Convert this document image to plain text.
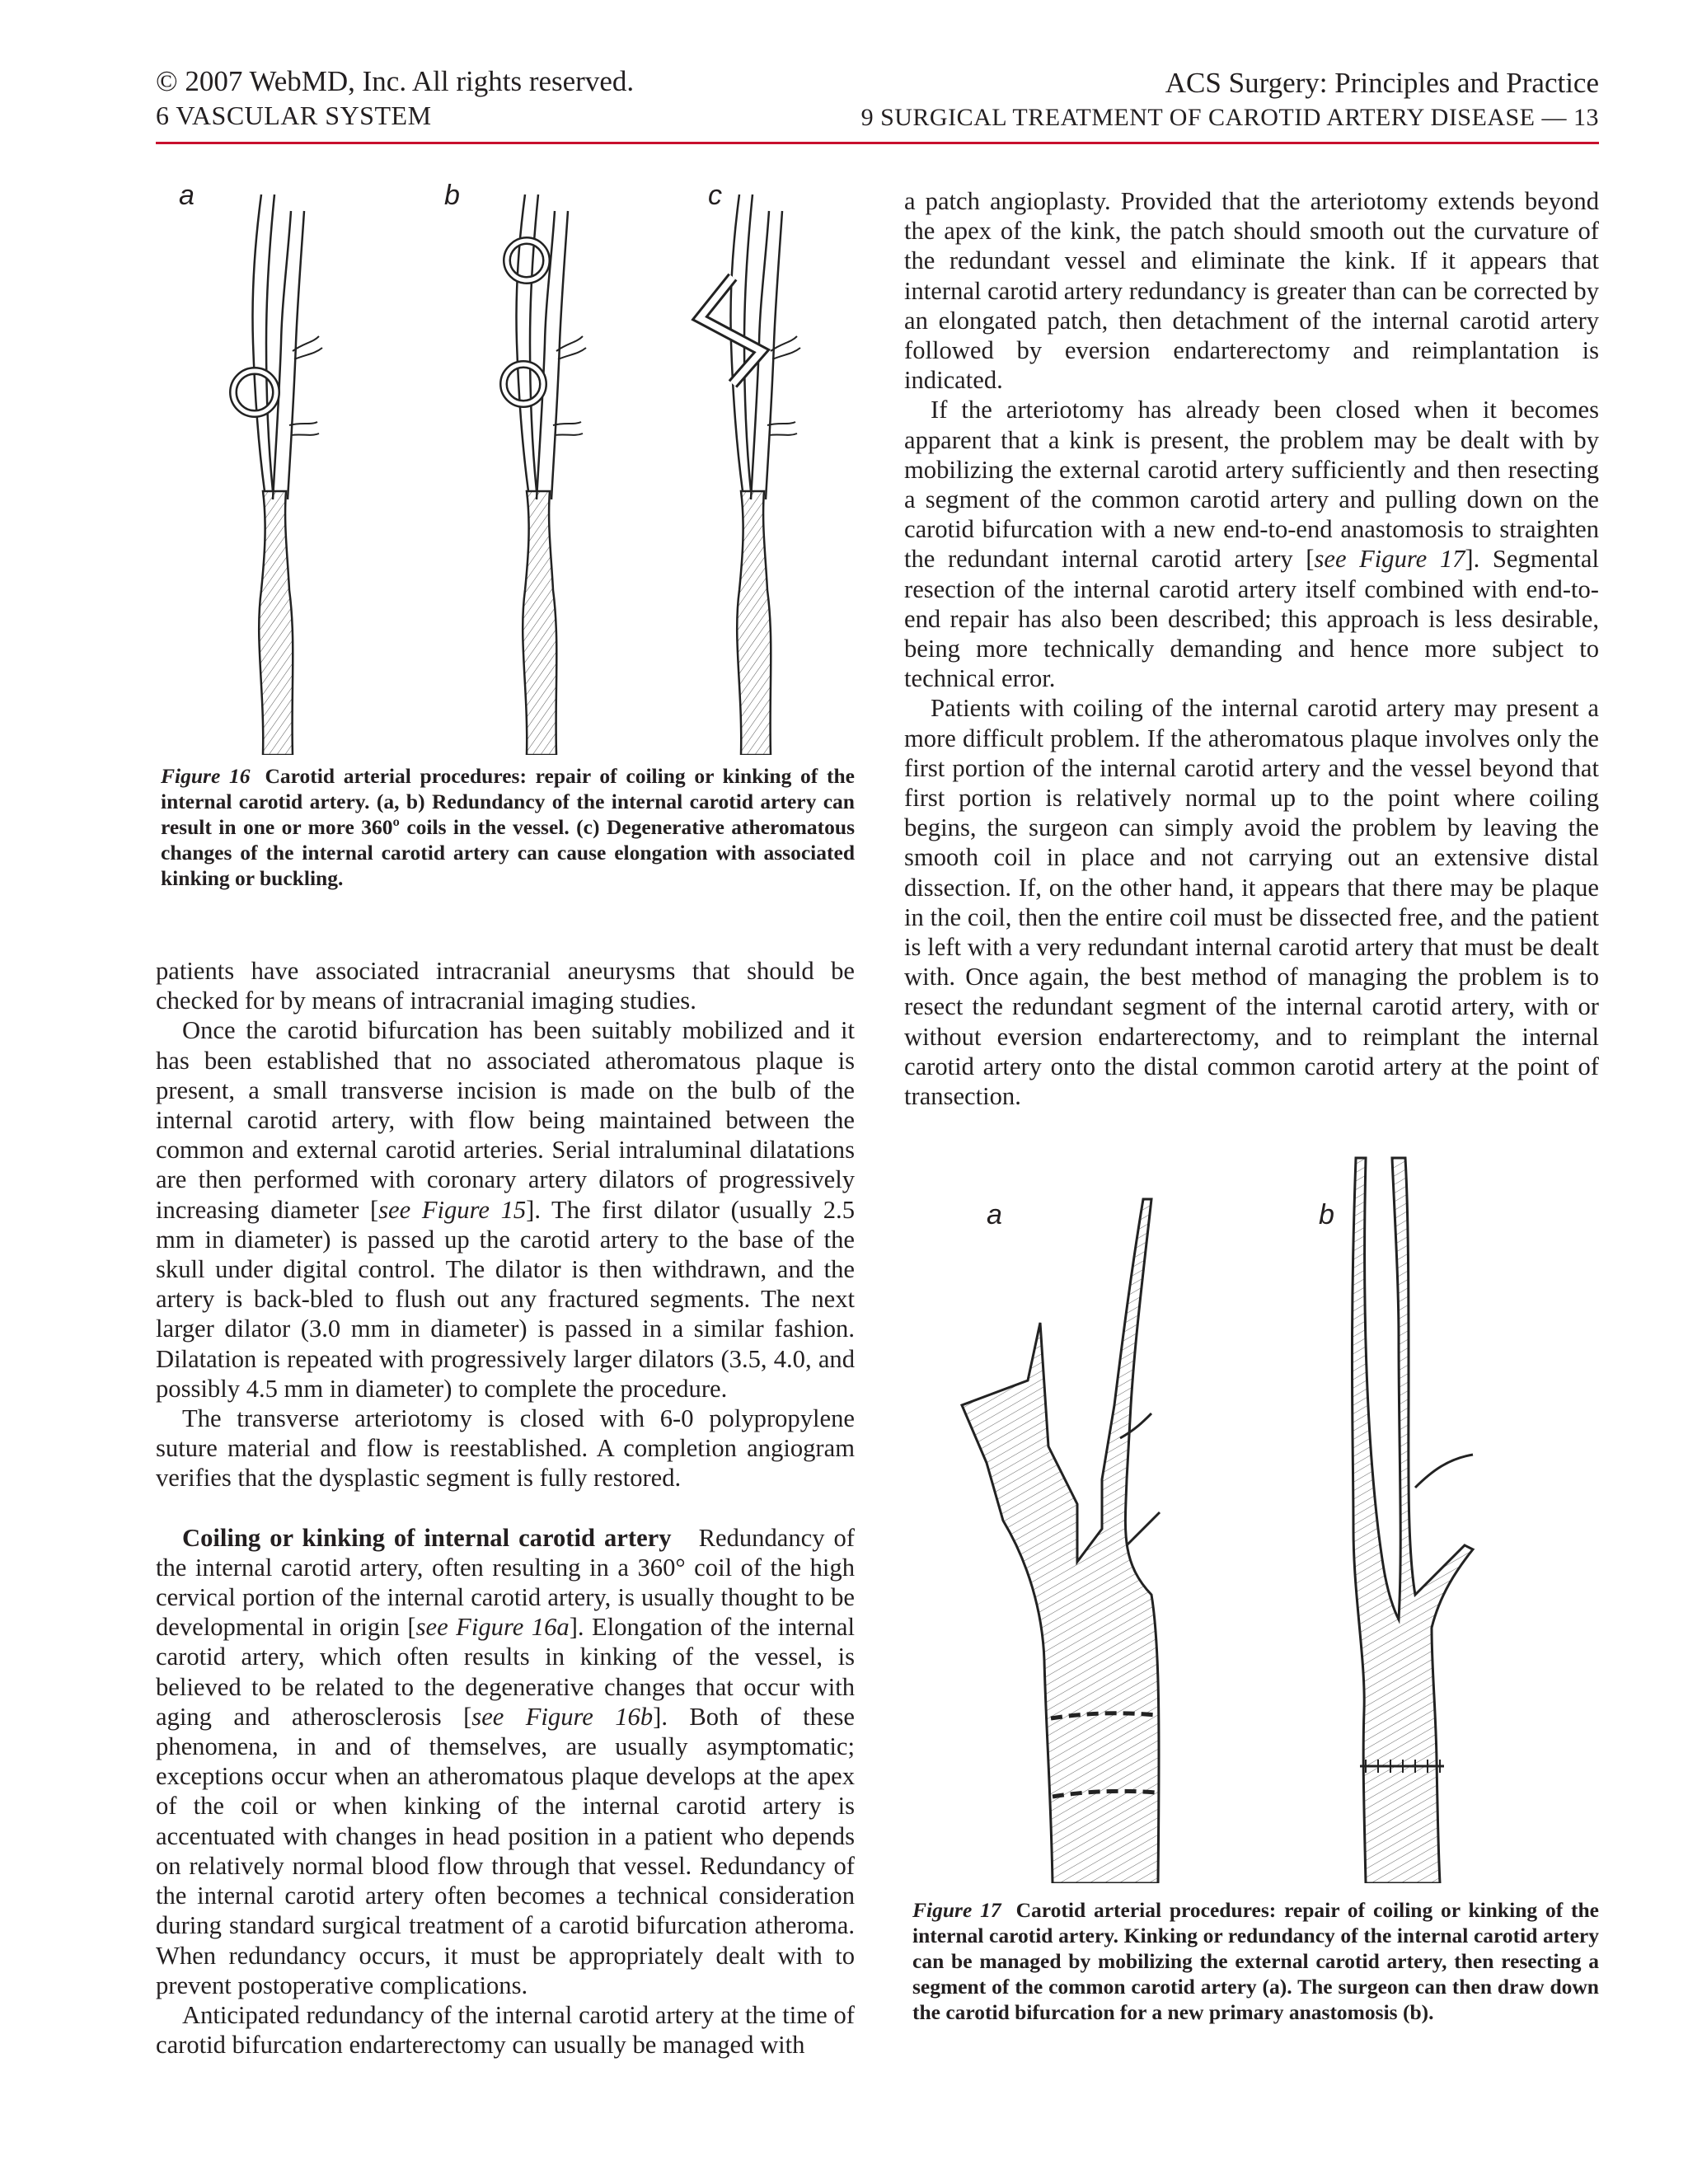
© 2007 WebMD, Inc. All rights reserved.
6 VASCULAR SYSTEM
ACS Surgery: Principles and Practice
9 SURGICAL TREATMENT OF CAROTID ARTERY DISEASE — 13
a	b	c
Figure 16 Carotid arterial procedures: repair of coiling or kinking of the internal carotid artery. (a, b) Redundancy of the internal carotid artery can result in one or more 360º coils in the vessel. (c) Degenerative atheromatous changes of the internal carotid artery can cause elongation with associated kinking or buckling.

patients have associated intracranial aneurysms that should be checked for by means of intracranial imaging studies.

Once the carotid bifurcation has been suitably mobilized and it has been established that no associated atheromatous plaque is present, a small transverse incision is made on the bulb of the internal carotid artery, with flow being maintained between the common and external carotid arteries. Serial intraluminal dilatations are then performed with coronary artery dilators of progressively increasing diameter [see Figure 15]. The first dilator (usually 2.5 mm in diameter) is passed up the carotid artery to the base of the skull under digital control. The dilator is then withdrawn, and the artery is back-bled to flush out any fractured segments. The next larger dilator (3.0 mm in diameter) is passed in a similar fashion. Dilatation is repeated with progressively larger dilators (3.5, 4.0, and possibly 4.5 mm in diameter) to complete the procedure.

The transverse arteriotomy is closed with 6-0 polypropylene suture material and flow is reestablished. A completion angiogram verifies that the dysplastic segment is fully restored.

Coiling or kinking of internal carotid artery Redundancy of the internal carotid artery, often resulting in a 360° coil of the high cervical portion of the internal carotid artery, is usually thought to be developmental in origin [see Figure 16a]. Elongation of the internal carotid artery, which often results in kinking of the vessel, is believed to be related to the degenerative changes that occur with aging and atherosclerosis [see Figure 16b]. Both of these phenomena, in and of themselves, are usually asymptomatic; exceptions occur when an atheromatous plaque develops at the apex of the coil or when kinking of the internal carotid artery is accentuated with changes in head position in a patient who depends on relatively normal blood flow through that vessel. Redundancy of the internal carotid artery often becomes a technical consideration during standard surgical treatment of a carotid bifurcation atheroma. When redundancy occurs, it must be appropriately dealt with to prevent postoperative complications.

Anticipated redundancy of the internal carotid artery at the time of carotid bifurcation endarterectomy can usually be managed with

a patch angioplasty. Provided that the arteriotomy extends beyond the apex of the kink, the patch should smooth out the curvature of the redundant vessel and eliminate the kink. If it appears that internal carotid artery redundancy is greater than can be corrected by an elongated patch, then detachment of the internal carotid artery followed by eversion endarterectomy and reimplantation is indicated.

If the arteriotomy has already been closed when it becomes apparent that a kink is present, the problem may be dealt with by mobilizing the external carotid artery sufficiently and then resecting a segment of the common carotid artery and pulling down on the carotid bifurcation with a new end-to-end anastomosis to straighten the redundant internal carotid artery [see Figure 17]. Segmental resection of the internal carotid artery itself combined with end-to-end repair has also been described; this approach is less desirable, being more technically demanding and hence more subject to technical error.

Patients with coiling of the internal carotid artery may present a more difficult problem. If the atheromatous plaque involves only the first portion of the internal carotid artery and the vessel beyond that first portion is relatively normal up to the point where coiling begins, the surgeon can simply avoid the problem by leaving the smooth coil in place and not carrying out an extensive distal dissection. If, on the other hand, it appears that there may be plaque in the coil, then the entire coil must be dissected free, and the patient is left with a very redundant internal carotid artery that must be dealt with. Once again, the best method of managing the problem is to resect the redundant segment of the internal carotid artery, with or without eversion endarterectomy, and to reimplant the internal carotid artery onto the distal common carotid artery at the point of transection.

a	b
Figure 17 Carotid arterial procedures: repair of coiling or kinking of the internal carotid artery. Kinking or redundancy of the internal carotid artery can be managed by mobilizing the external carotid artery, then resecting a segment of the common carotid artery (a). The surgeon can then draw down the carotid bifurcation for a new primary anastomosis (b).
